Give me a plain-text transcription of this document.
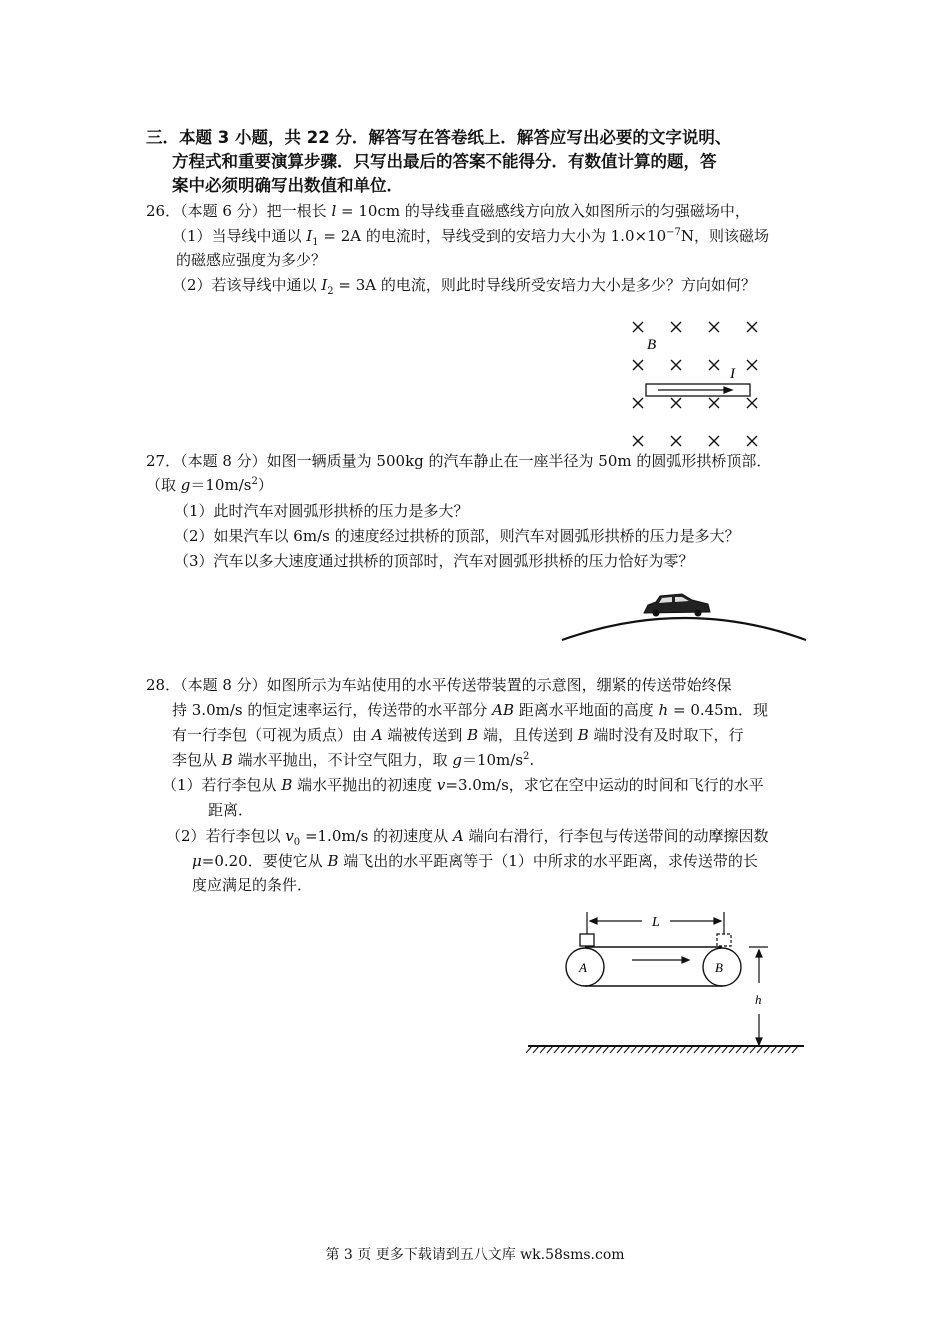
三．本题 3 小题，共 22 分．解答写在答卷纸上．解答应写出必要的文字说明、
方程式和重要演算步骤．只写出最后的答案不能得分．有数值计算的题，答
案中必须明确写出数值和单位．
26．（本题 6 分）把一根长 l = 10cm 的导线垂直磁感线方向放入如图所示的匀强磁场中，
（1）当导线中通以 $I_1 = 2A$ 的电流时，导线受到的安培力大小为 $1.0\times 10^{-7}N$，则该磁场
的磁感应强度为多少？
（2）若该导线中通以 $I_2 = 3A$ 的电流，则此时导线所受安培力大小是多少？方向如何？
B
I
27．（本题 8 分）如图一辆质量为 500kg 的汽车静止在一座半径为 50m 的圆弧形拱桥顶部．
（取 $g=10m/s^2$）
（1）此时汽车对圆弧形拱桥的压力是多大？
（2）如果汽车以 6m/s 的速度经过拱桥的顶部，则汽车对圆弧形拱桥的压力是多大？
（3）汽车以多大速度通过拱桥的顶部时，汽车对圆弧形拱桥的压力恰好为零？
28．（本题 8 分）如图所示为车站使用的水平传送带装置的示意图，绷紧的传送带始终保
持 3.0m/s 的恒定速率运行，传送带的水平部分 AB 距离水平地面的高度 h = 0.45m．现
有一行李包（可视为质点）由 A 端被传送到 B 端，且传送到 B 端时没有及时取下，行
李包从 B 端水平抛出，不计空气阻力，取 $g=10m/s^2$.
（1）若行李包从 B 端水平抛出的初速度 v=3.0m/s，求它在空中运动的时间和飞行的水平
距离．
（2）若行李包以 $v_0 =1.0m/s$ 的初速度从 A 端向右滑行，行李包与传送带间的动摩擦因数
μ=0.20．要使它从 B 端飞出的水平距离等于（1）中所求的水平距离，求传送带的长
度应满足的条件．
L
A	B
h
第 3 页 更多下载请到五八文库 wk.58sms.com
